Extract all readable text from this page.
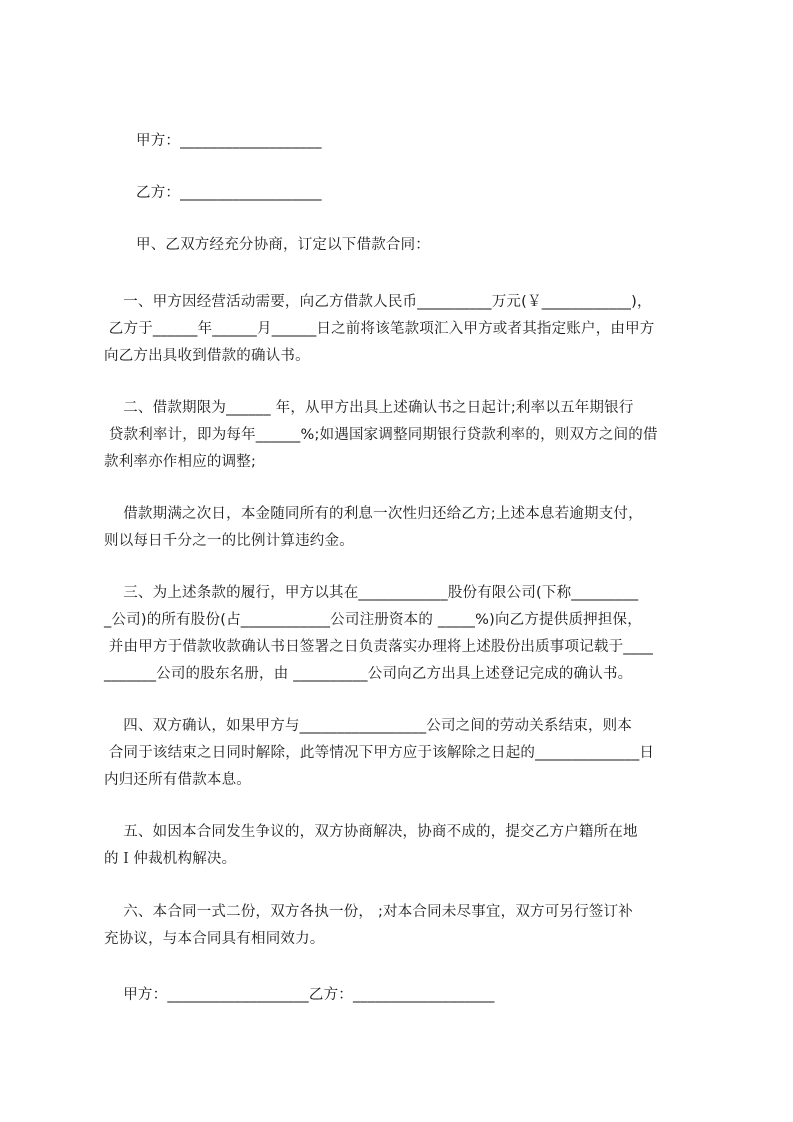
甲方：___________________
乙方：___________________
甲、乙双方经充分协商，订定以下借款合同：
一、甲方因经营活动需要，向乙方借款人民币__________万元(￥____________)，
乙方于______年______月______日之前将该笔款项汇入甲方或者其指定账户，由甲方
向乙方出具收到借款的确认书。
二、借款期限为______ 年，从甲方出具上述确认书之日起计;利率以五年期银行
贷款利率计，即为每年______%;如遇国家调整同期银行贷款利率的，则双方之间的借
款利率亦作相应的调整;
借款期满之次日，本金随同所有的利息一次性归还给乙方;上述本息若逾期支付，
则以每日千分之一的比例计算违约金。
三、为上述条款的履行，甲方以其在____________股份有限公司(下称_________
_公司)的所有股份(占____________公司注册资本的 _____%)向乙方提供质押担保，
并由甲方于借款收款确认书日签署之日负责落实办理将上述股份出质事项记载于____
_______公司的股东名册，由 __________公司向乙方出具上述登记完成的确认书。
四、双方确认，如果甲方与_________________公司之间的劳动关系结束，则本
合同于该结束之日同时解除，此等情况下甲方应于该解除之日起的______________日
内归还所有借款本息。
五、如因本合同发生争议的，双方协商解决，协商不成的，提交乙方户籍所在地
的Ｉ仲裁机构解决。
六、本合同一式二份，双方各执一份， ;对本合同未尽事宜，双方可另行签订补
充协议，与本合同具有相同效力。
甲方：___________________乙方：___________________
